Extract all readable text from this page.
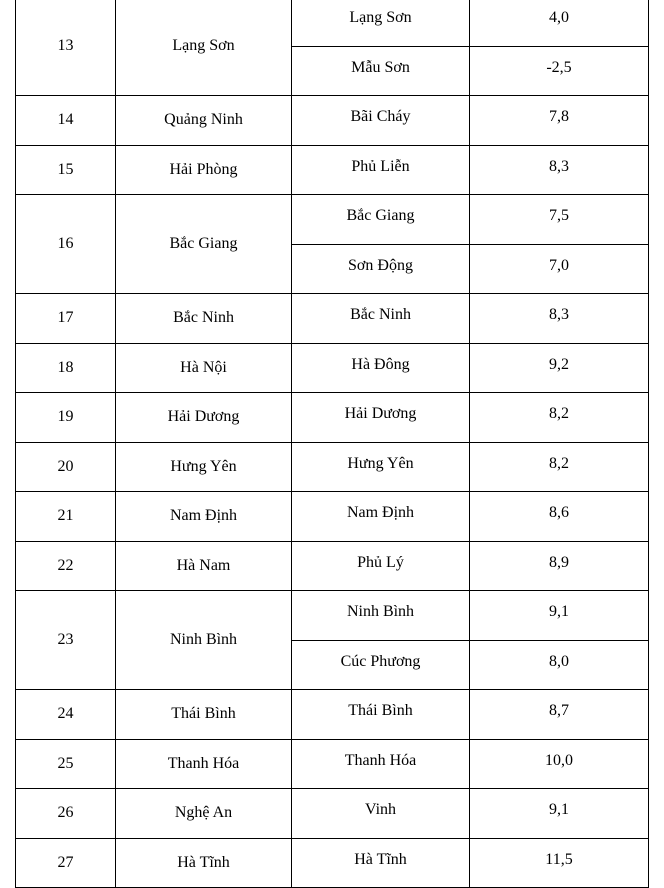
13	Lạng Sơn	Lạng Sơn	4,0
		Mẫu Sơn	-2,5
14	Quảng Ninh	Bãi Cháy	7,8
15	Hải Phòng	Phủ Liễn	8,3
16	Bắc Giang	Bắc Giang	7,5
		Sơn Động	7,0
17	Bắc Ninh	Bắc Ninh	8,3
18	Hà Nội	Hà Đông	9,2
19	Hải Dương	Hải Dương	8,2
20	Hưng Yên	Hưng Yên	8,2
21	Nam Định	Nam Định	8,6
22	Hà Nam	Phủ Lý	8,9
23	Ninh Bình	Ninh Bình	9,1
		Cúc Phương	8,0
24	Thái Bình	Thái Bình	8,7
25	Thanh Hóa	Thanh Hóa	10,0
26	Nghệ An	Vinh	9,1
27	Hà Tĩnh	Hà Tĩnh	11,5
